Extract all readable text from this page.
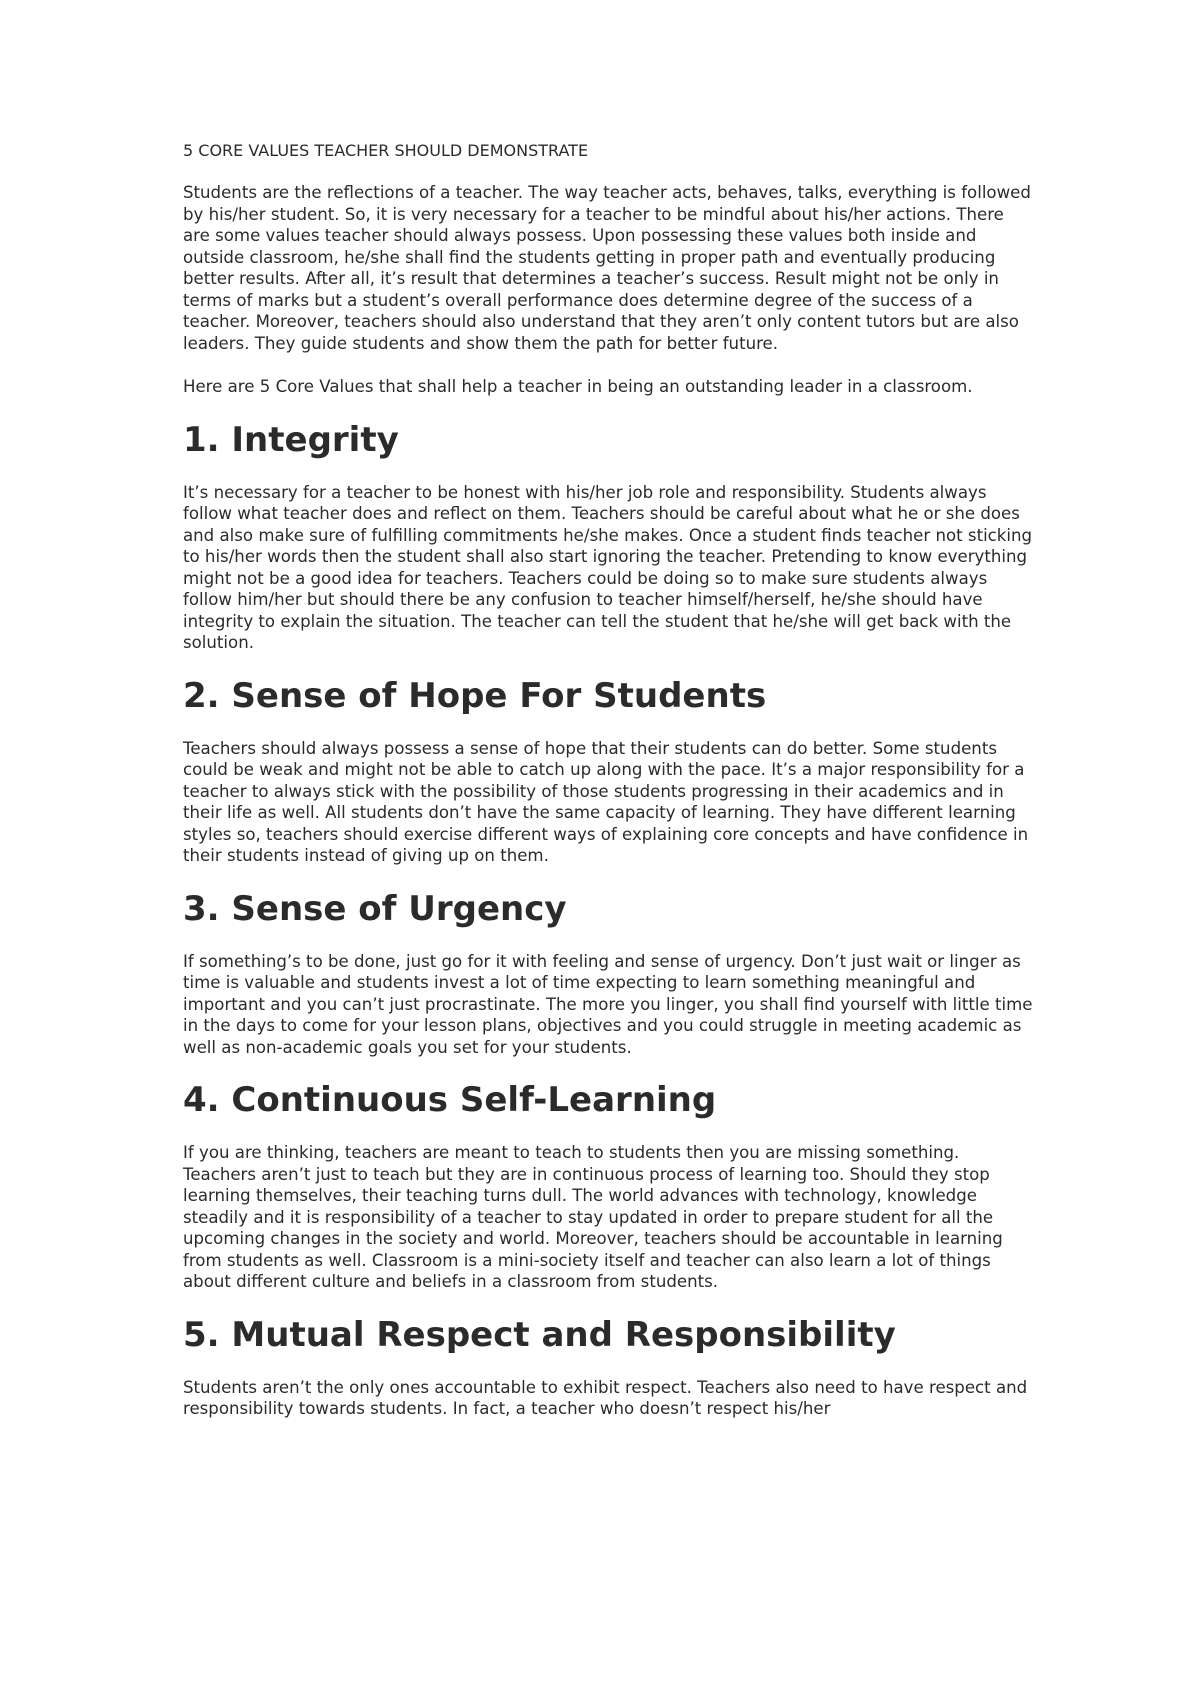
5 CORE VALUES TEACHER SHOULD DEMONSTRATE

Students are the reflections of a teacher. The way teacher acts, behaves, talks, everything is followed by his/her student. So, it is very necessary for a teacher to be mindful about his/her actions. There are some values teacher should always possess. Upon possessing these values both inside and outside classroom, he/she shall find the students getting in proper path and eventually producing better results. After all, it’s result that determines a teacher’s success. Result might not be only in terms of marks but a student’s overall performance does determine degree of the success of a teacher. Moreover, teachers should also understand that they aren’t only content tutors but are also leaders. They guide students and show them the path for better future.

Here are 5 Core Values that shall help a teacher in being an outstanding leader in a classroom.

1. Integrity

It’s necessary for a teacher to be honest with his/her job role and responsibility. Students always follow what teacher does and reflect on them. Teachers should be careful about what he or she does and also make sure of fulfilling commitments he/she makes. Once a student finds teacher not sticking to his/her words then the student shall also start ignoring the teacher. Pretending to know everything might not be a good idea for teachers. Teachers could be doing so to make sure students always follow him/her but should there be any confusion to teacher himself/herself, he/she should have integrity to explain the situation. The teacher can tell the student that he/she will get back with the solution.

2. Sense of Hope For Students

Teachers should always possess a sense of hope that their students can do better. Some students could be weak and might not be able to catch up along with the pace. It’s a major responsibility for a teacher to always stick with the possibility of those students progressing in their academics and in their life as well. All students don’t have the same capacity of learning. They have different learning styles so, teachers should exercise different ways of explaining core concepts and have confidence in their students instead of giving up on them.

3. Sense of Urgency

If something’s to be done, just go for it with feeling and sense of urgency. Don’t just wait or linger as time is valuable and students invest a lot of time expecting to learn something meaningful and important and you can’t just procrastinate. The more you linger, you shall find yourself with little time in the days to come for your lesson plans, objectives and you could struggle in meeting academic as well as non-academic goals you set for your students.

4. Continuous Self-Learning

If you are thinking, teachers are meant to teach to students then you are missing something. Teachers aren’t just to teach but they are in continuous process of learning too. Should they stop learning themselves, their teaching turns dull. The world advances with technology, knowledge steadily and it is responsibility of a teacher to stay updated in order to prepare student for all the upcoming changes in the society and world. Moreover, teachers should be accountable in learning from students as well. Classroom is a mini-society itself and teacher can also learn a lot of things about different culture and beliefs in a classroom from students.

5. Mutual Respect and Responsibility

Students aren’t the only ones accountable to exhibit respect. Teachers also need to have respect and responsibility towards students. In fact, a teacher who doesn’t respect his/her
